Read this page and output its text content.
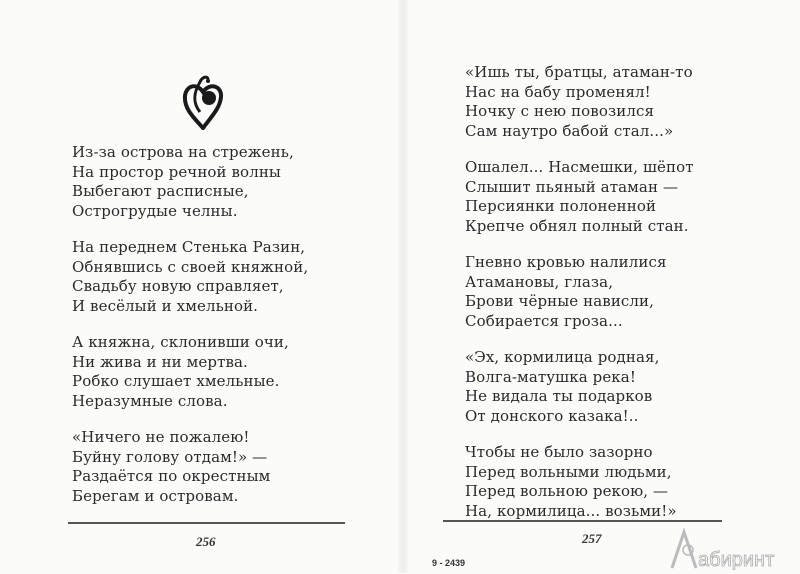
Из-за острова на стрежень,
На простор речной волны
Выбегают расписные,
Острогрудые челны.
На переднем Стенька Разин,
Обнявшись с своей княжной,
Свадьбу новую справляет,
И весёлый и хмельной.
А княжна, склонивши очи,
Ни жива и ни мертва.
Робко слушает хмельные.
Неразумные слова.
«Ничего не пожалею!
Буйну голову отдам!» —
Раздаётся по окрестным
Берегам и островам.
«Ишь ты, братцы, атаман-то
Нас на бабу променял!
Ночку с нею повозился
Сам наутро бабой стал...»
Ошалел... Насмешки, шёпот
Слышит пьяный атаман —
Персиянки полоненной
Крепче обнял полный стан.
Гневно кровью налилися
Атамановы, глаза,
Брови чёрные нависли,
Собирается гроза...
«Эх, кормилица родная,
Волга-матушка река!
Не видала ты подарков
От донского казака!..
Чтобы не было зазорно
Перед вольными людьми,
Перед вольною рекою, —
На, кормилица... возьми!»
256	257
9 - 2439	абиринт
